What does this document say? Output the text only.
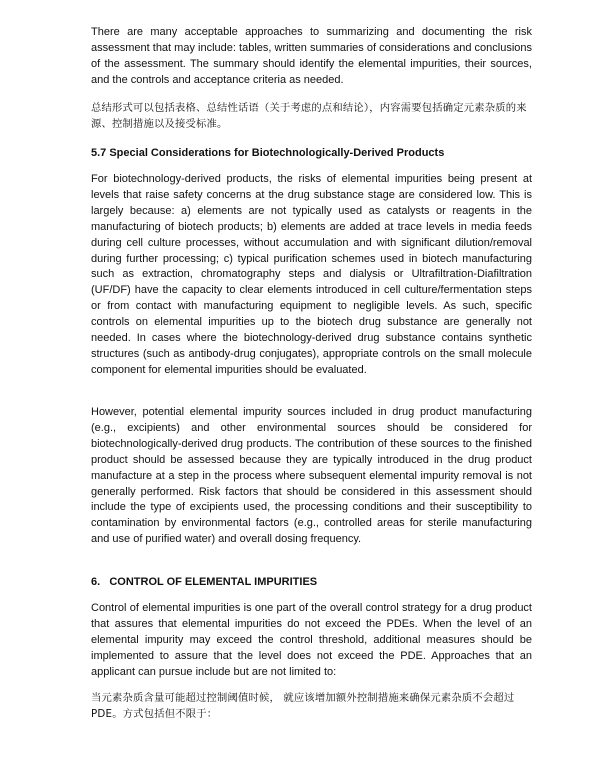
There are many acceptable approaches to summarizing and documenting the risk assessment that may include: tables, written summaries of considerations and conclusions of the assessment. The summary should identify the elemental impurities, their sources, and the controls and acceptance criteria as needed.
总结形式可以包括表格、总结性话语（关于考虑的点和结论），内容需要包括确定元素杂质的来源、控制措施以及接受标准。
5.7 Special Considerations for Biotechnologically-Derived Products
For biotechnology-derived products, the risks of elemental impurities being present at levels that raise safety concerns at the drug substance stage are considered low. This is largely because: a) elements are not typically used as catalysts or reagents in the manufacturing of biotech products; b) elements are added at trace levels in media feeds during cell culture processes, without accumulation and with significant dilution/removal during further processing; c) typical purification schemes used in biotech manufacturing such as extraction, chromatography steps and dialysis or Ultrafiltration-Diafiltration (UF/DF) have the capacity to clear elements introduced in cell culture/fermentation steps or from contact with manufacturing equipment to negligible levels. As such, specific controls on elemental impurities up to the biotech drug substance are generally not needed. In cases where the biotechnology-derived drug substance contains synthetic structures (such as antibody-drug conjugates), appropriate controls on the small molecule component for elemental impurities should be evaluated.
However, potential elemental impurity sources included in drug product manufacturing (e.g., excipients) and other environmental sources should be considered for biotechnologically-derived drug products. The contribution of these sources to the finished product should be assessed because they are typically introduced in the drug product manufacture at a step in the process where subsequent elemental impurity removal is not generally performed. Risk factors that should be considered in this assessment should include the type of excipients used, the processing conditions and their susceptibility to contamination by environmental factors (e.g., controlled areas for sterile manufacturing and use of purified water) and overall dosing frequency.
6.   CONTROL OF ELEMENTAL IMPURITIES
Control of elemental impurities is one part of the overall control strategy for a drug product that assures that elemental impurities do not exceed the PDEs. When the level of an elemental impurity may exceed the control threshold, additional measures should be implemented to assure that the level does not exceed the PDE. Approaches that an applicant can pursue include but are not limited to:
当元素杂质含量可能超过控制阈值时候， 就应该增加额外控制措施来确保元素杂质不会超过 PDE。方式包括但不限于：
